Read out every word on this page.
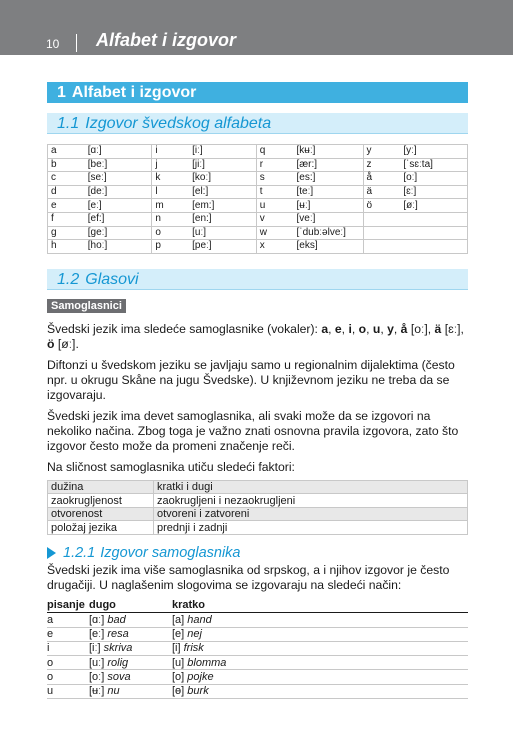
10 Alfabet i izgovor
1 Alfabet i izgovor
1.1 Izgovor švedskog alfabeta
a	[ɑː]	i	[iː]	q	[kʉː]	y	[yː]
b	[beː]	j	[jiː]	r	[ær:]	z	[ˈsɛːta]
c	[seː]	k	[koː]	s	[es:]	å	[oː]
d	[deː]	l	[el:]	t	[teː]	ä	[ɛː]
e	[eː]	m	[em:]	u	[ʉː]	ö	[øː]
f	[ef:]	n	[en:]	v	[veː]		
g	[geː]	o	[uː]	w	[ˈdubːəlveː]		
h	[hoː]	p	[peː]	x	[eks]		
1.2 Glasovi
Samoglasnici

Švedski jezik ima sledeće samoglasnike (vokaler): a, e, i, o, u, y, å [oː], ä [ɛː], ö [øː].

Diftonzi u švedskom jeziku se javljaju samo u regionalnim dijalektima (često npr. u okrugu Skåne na jugu Švedske). U književnom jeziku ne treba da se izgovaraju.

Švedski jezik ima devet samoglasnika, ali svaki može da se izgovori na nekoliko načina. Zbog toga je važno znati osnovna pravila izgovora, zato što izgovor često može da promeni značenje reči.

Na sličnost samoglasnika utiču sledeći faktori:

dužina	kratki i dugi
zaokrugljenost	zaokrugljeni i nezaokrugljeni
otvorenost	otvoreni i zatvoreni
položaj jezika	prednji i zadnji
1.2.1 Izgovor samoglasnika

Švedski jezik ima više samoglasnika od srpskog, a i njihov izgovor je često drugačiji. U naglašenim slogovima se izgovaraju na sledeći način:

pisanje	dugo	kratko
a	[ɑː] bad	[a] hand
e	[eː] resa	[e] nej
i	[iː] skriva	[i] frisk
o	[uː] rolig	[u] blomma
o	[oː] sova	[o] pojke
u	[ʉː] nu	[ɵ] burk
